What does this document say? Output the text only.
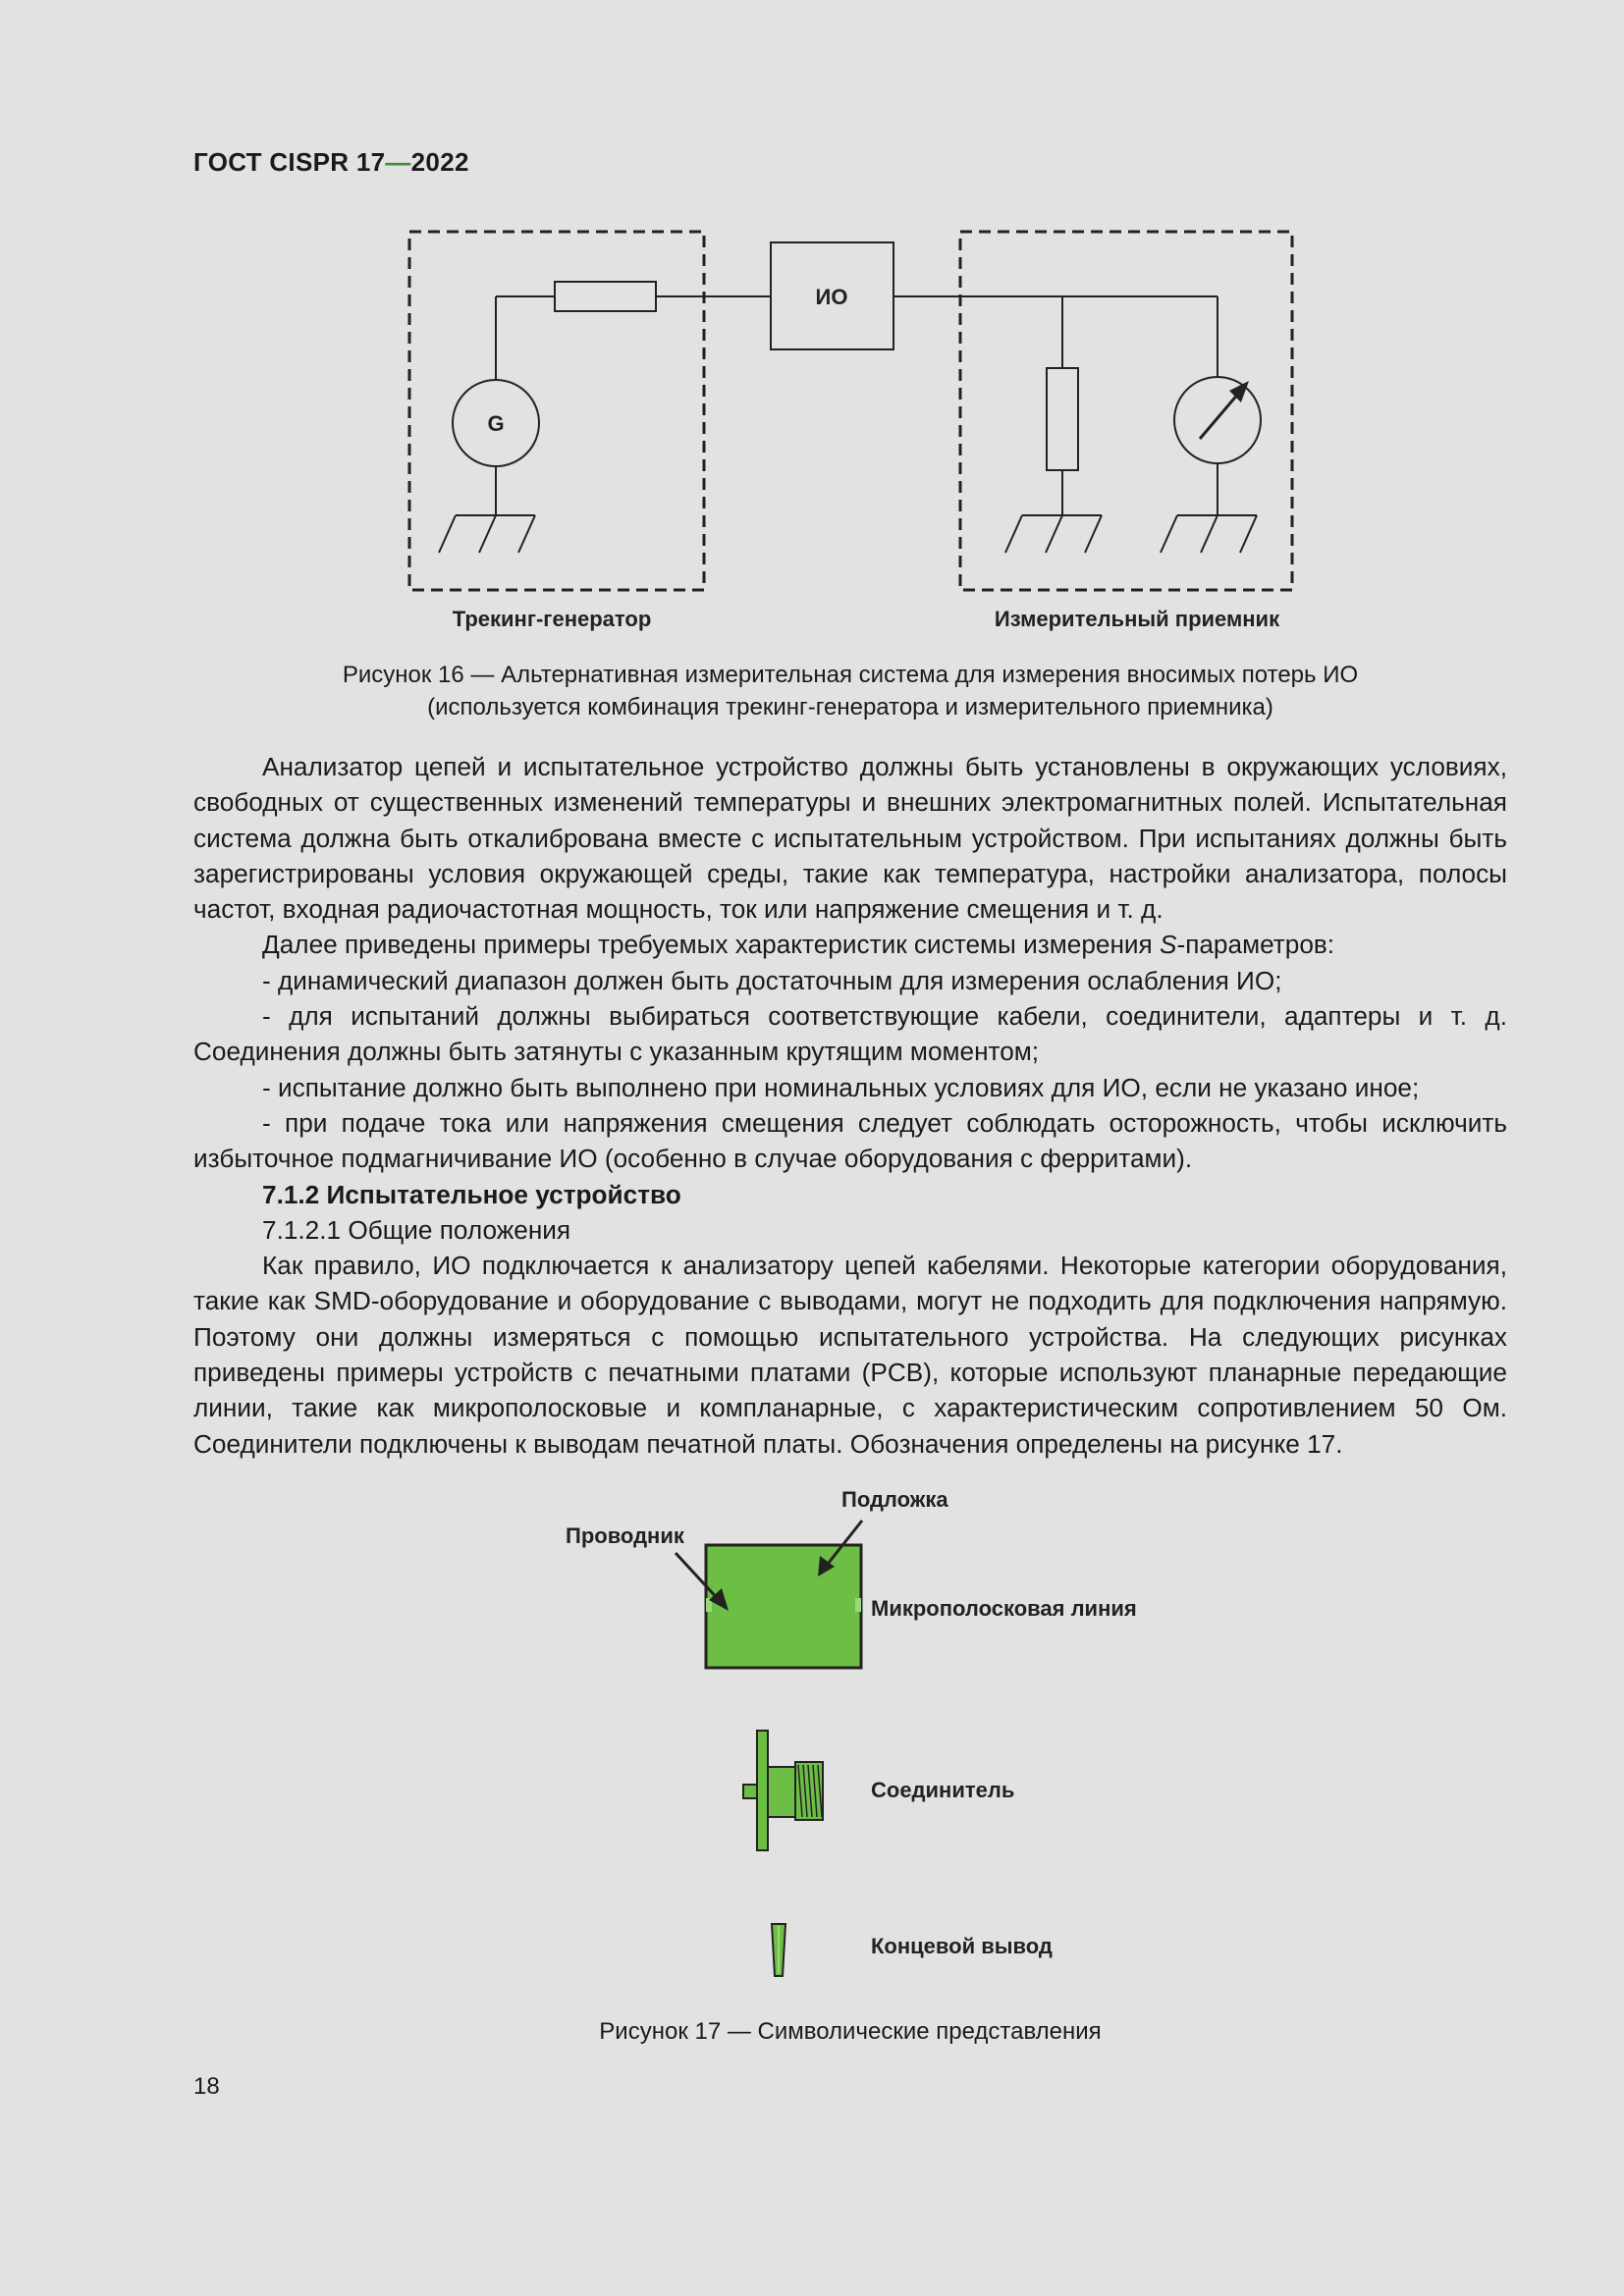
ГОСТ CISPR 17—2022
ИО
G
Трекинг-генератор	Измерительный приемник
Рисунок 16 — Альтернативная измерительная система для измерения вносимых потерь ИО
(используется комбинация трекинг-генератора и измерительного приемника)

Анализатор цепей и испытательное устройство должны быть установлены в окружающих условиях, свободных от существенных изменений температуры и внешних электромагнитных полей. Испытательная система должна быть откалибрована вместе с испытательным устройством. При испытаниях должны быть зарегистрированы условия окружающей среды, такие как температура, настройки анализатора, полосы частот, входная радиочастотная мощность, ток или напряжение смещения и т. д.

Далее приведены примеры требуемых характеристик системы измерения S-параметров:

- динамический диапазон должен быть достаточным для измерения ослабления ИО;

- для испытаний должны выбираться соответствующие кабели, соединители, адаптеры и т. д. Соединения должны быть затянуты с указанным крутящим моментом;

- испытание должно быть выполнено при номинальных условиях для ИО, если не указано иное;

- при подаче тока или напряжения смещения следует соблюдать осторожность, чтобы исключить избыточное подмагничивание ИО (особенно в случае оборудования с ферритами).

7.1.2 Испытательное устройство

7.1.2.1 Общие положения

Как правило, ИО подключается к анализатору цепей кабелями. Некоторые категории оборудования, такие как SMD-оборудование и оборудование с выводами, могут не подходить для подключения напрямую. Поэтому они должны измеряться с помощью испытательного устройства. На следующих рисунках приведены примеры устройств с печатными платами (PCB), которые используют планарные передающие линии, такие как микрополосковые и компланарные, с характеристическим сопротивлением 50 Ом. Соединители подключены к выводам печатной платы. Обозначения определены на рисунке 17.

Подложка
Проводник
Микрополосковая линия
Соединитель
Концевой вывод
Рисунок 17 — Символические представления
18
